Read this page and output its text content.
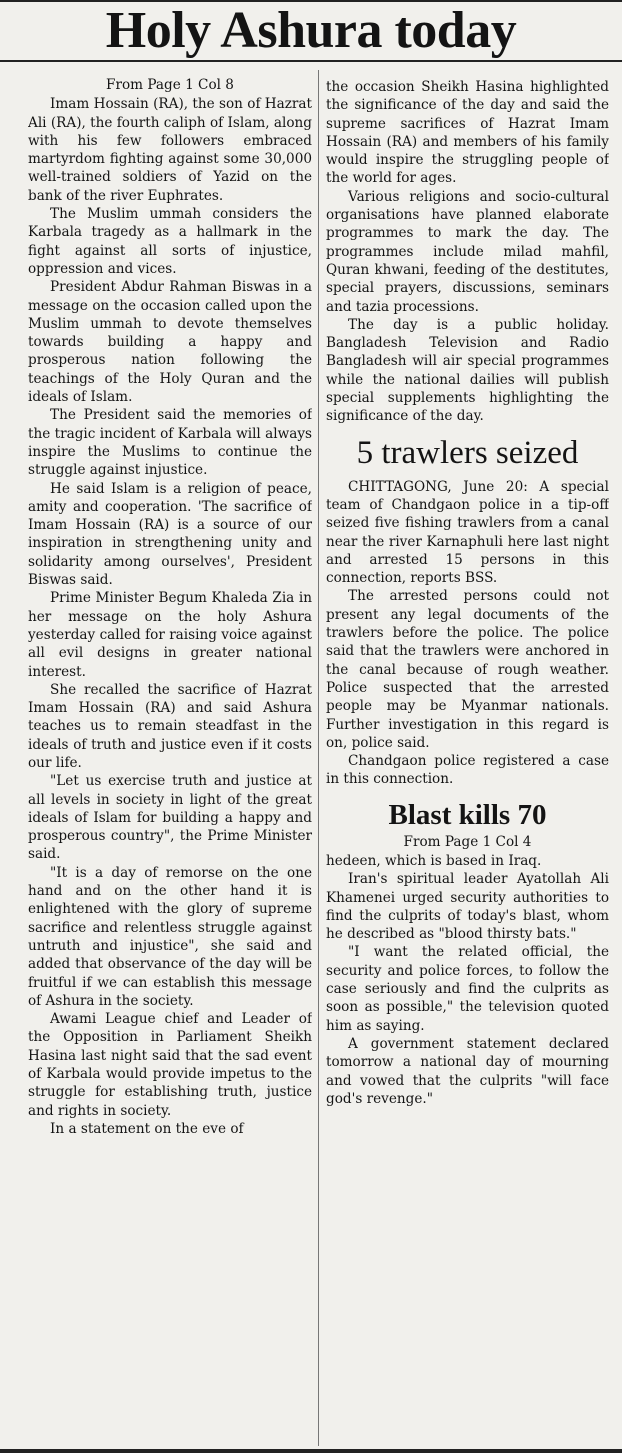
Holy Ashura today

From Page 1 Col 8

Imam Hossain (RA), the son of Hazrat Ali (RA), the fourth caliph of Islam, along with his few followers embraced martyrdom fighting against some 30,000 well-trained soldiers of Yazid on the bank of the river Euphrates.

The Muslim ummah considers the Karbala tragedy as a hallmark in the fight against all sorts of injustice, oppression and vices.

President Abdur Rahman Biswas in a message on the occasion called upon the Muslim ummah to devote themselves towards building a happy and prosperous nation following the teachings of the Holy Quran and the ideals of Islam.

The President said the memories of the tragic incident of Karbala will always inspire the Muslims to continue the struggle against injustice.

He said Islam is a religion of peace, amity and cooperation. 'The sacrifice of Imam Hossain (RA) is a source of our inspiration in strengthening unity and solidarity among ourselves', President Biswas said.

Prime Minister Begum Khaleda Zia in her message on the holy Ashura yesterday called for raising voice against all evil designs in greater national interest.

She recalled the sacrifice of Hazrat Imam Hossain (RA) and said Ashura teaches us to remain steadfast in the ideals of truth and justice even if it costs our life.

"Let us exercise truth and justice at all levels in society in light of the great ideals of Islam for building a happy and prosperous country", the Prime Minister said.

"It is a day of remorse on the one hand and on the other hand it is enlightened with the glory of supreme sacrifice and relentless struggle against untruth and injustice", she said and added that observance of the day will be fruitful if we can establish this message of Ashura in the society.

Awami League chief and Leader of the Opposition in Parliament Sheikh Hasina last night said that the sad event of Karbala would provide impetus to the struggle for establishing truth, justice and rights in society.

In a statement on the eve of

the occasion Sheikh Hasina highlighted the significance of the day and said the supreme sacrifices of Hazrat Imam Hossain (RA) and members of his family would inspire the struggling people of the world for ages.

Various religions and socio-cultural organisations have planned elaborate programmes to mark the day. The programmes include milad mahfil, Quran khwani, feeding of the destitutes, special prayers, discussions, seminars and tazia processions.

The day is a public holiday. Bangladesh Television and Radio Bangladesh will air special programmes while the national dailies will publish special supplements highlighting the significance of the day.

5 trawlers seized

CHITTAGONG, June 20: A special team of Chandgaon police in a tip-off seized five fishing trawlers from a canal near the river Karnaphuli here last night and arrested 15 persons in this connection, reports BSS.

The arrested persons could not present any legal documents of the trawlers before the police. The police said that the trawlers were anchored in the canal because of rough weather. Police suspected that the arrested people may be Myanmar nationals. Further investigation in this regard is on, police said.

Chandgaon police registered a case in this connection.

Blast kills 70

From Page 1 Col 4

hedeen, which is based in Iraq.

Iran's spiritual leader Ayatollah Ali Khamenei urged security authorities to find the culprits of today's blast, whom he described as "blood thirsty bats."

"I want the related official, the security and police forces, to follow the case seriously and find the culprits as soon as possible," the television quoted him as saying.

A government statement declared tomorrow a national day of mourning and vowed that the culprits "will face god's revenge."
